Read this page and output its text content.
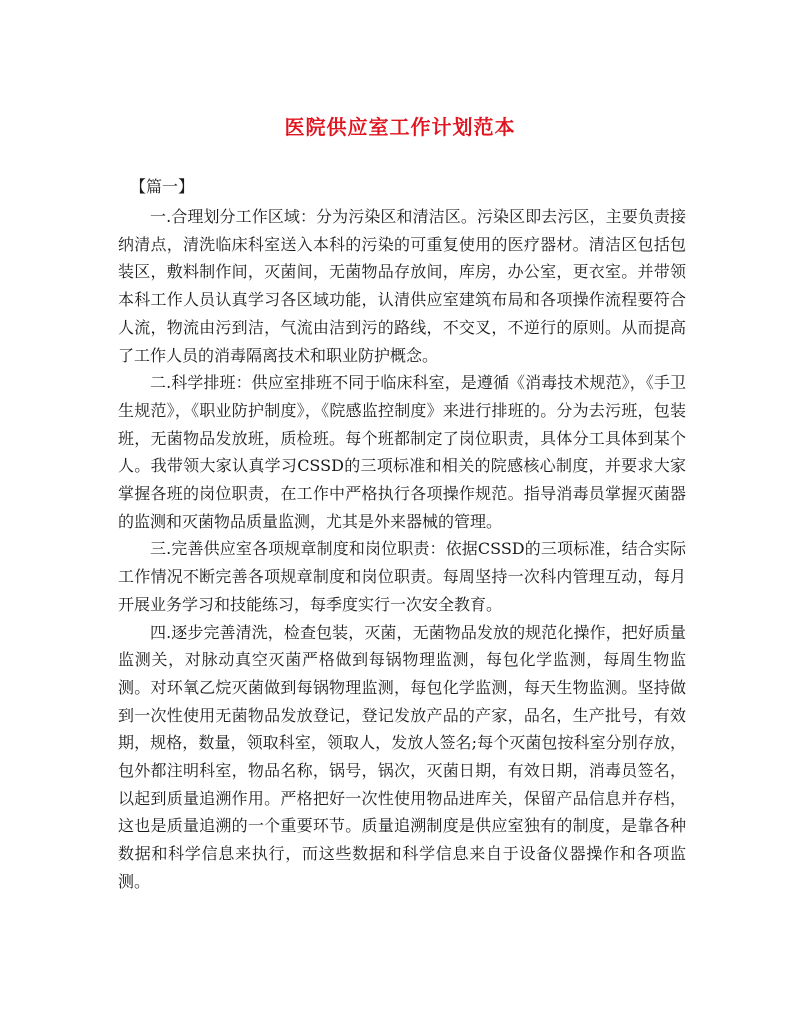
医院供应室工作计划范本
【篇一】

一.合理划分工作区域：分为污染区和清洁区。污染区即去污区，主要负责接纳清点，清洗临床科室送入本科的污染的可重复使用的医疗器材。清洁区包括包装区，敷料制作间，灭菌间，无菌物品存放间，库房，办公室，更衣室。并带领本科工作人员认真学习各区域功能，认清供应室建筑布局和各项操作流程要符合人流，物流由污到洁，气流由洁到污的路线，不交叉，不逆行的原则。从而提高了工作人员的消毒隔离技术和职业防护概念。

二.科学排班：供应室排班不同于临床科室，是遵循《消毒技术规范》，《手卫生规范》，《职业防护制度》，《院感监控制度》来进行排班的。分为去污班，包装班，无菌物品发放班，质检班。每个班都制定了岗位职责，具体分工具体到某个人。我带领大家认真学习CSSD的三项标准和相关的院感核心制度，并要求大家掌握各班的岗位职责，在工作中严格执行各项操作规范。指导消毒员掌握灭菌器的监测和灭菌物品质量监测，尤其是外来器械的管理。

三.完善供应室各项规章制度和岗位职责：依据CSSD的三项标准，结合实际工作情况不断完善各项规章制度和岗位职责。每周坚持一次科内管理互动，每月开展业务学习和技能练习，每季度实行一次安全教育。

四.逐步完善清洗，检查包装，灭菌，无菌物品发放的规范化操作，把好质量监测关，对脉动真空灭菌严格做到每锅物理监测，每包化学监测，每周生物监测。对环氧乙烷灭菌做到每锅物理监测，每包化学监测，每天生物监测。坚持做到一次性使用无菌物品发放登记，登记发放产品的产家，品名，生产批号，有效期，规格，数量，领取科室，领取人，发放人签名;每个灭菌包按科室分别存放，包外都注明科室，物品名称，锅号，锅次，灭菌日期，有效日期，消毒员签名，以起到质量追溯作用。严格把好一次性使用物品进库关，保留产品信息并存档，这也是质量追溯的一个重要环节。质量追溯制度是供应室独有的制度，是靠各种数据和科学信息来执行，而这些数据和科学信息来自于设备仪器操作和各项监测。
